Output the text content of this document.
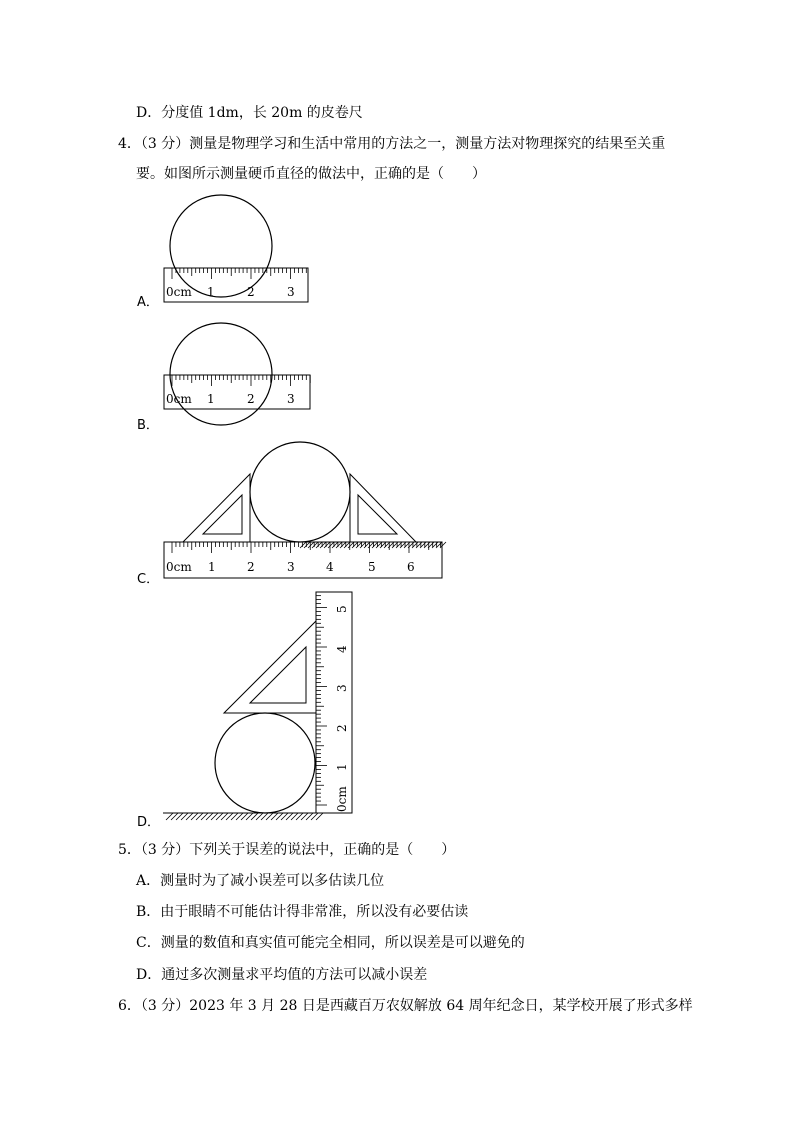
D．分度值 1dm，长 20m 的皮卷尺
4．（3 分）测量是物理学习和生活中常用的方法之一，测量方法对物理探究的结果至关重
要。如图所示测量硬币直径的做法中，正确的是（　　）
A．
0cm 1	2	3
B．
0cm 1	2	3
C．
0cm 1	2	3	4	5	6
D．
0cm
1
2
3
4
5
5．（3 分）下列关于误差的说法中，正确的是（　　）
A．测量时为了减小误差可以多估读几位
B．由于眼睛不可能估计得非常准，所以没有必要估读
C．测量的数值和真实值可能完全相同，所以误差是可以避免的
D．通过多次测量求平均值的方法可以减小误差
6．（3 分）2023 年 3 月 28 日是西藏百万农奴解放 64 周年纪念日，某学校开展了形式多样
